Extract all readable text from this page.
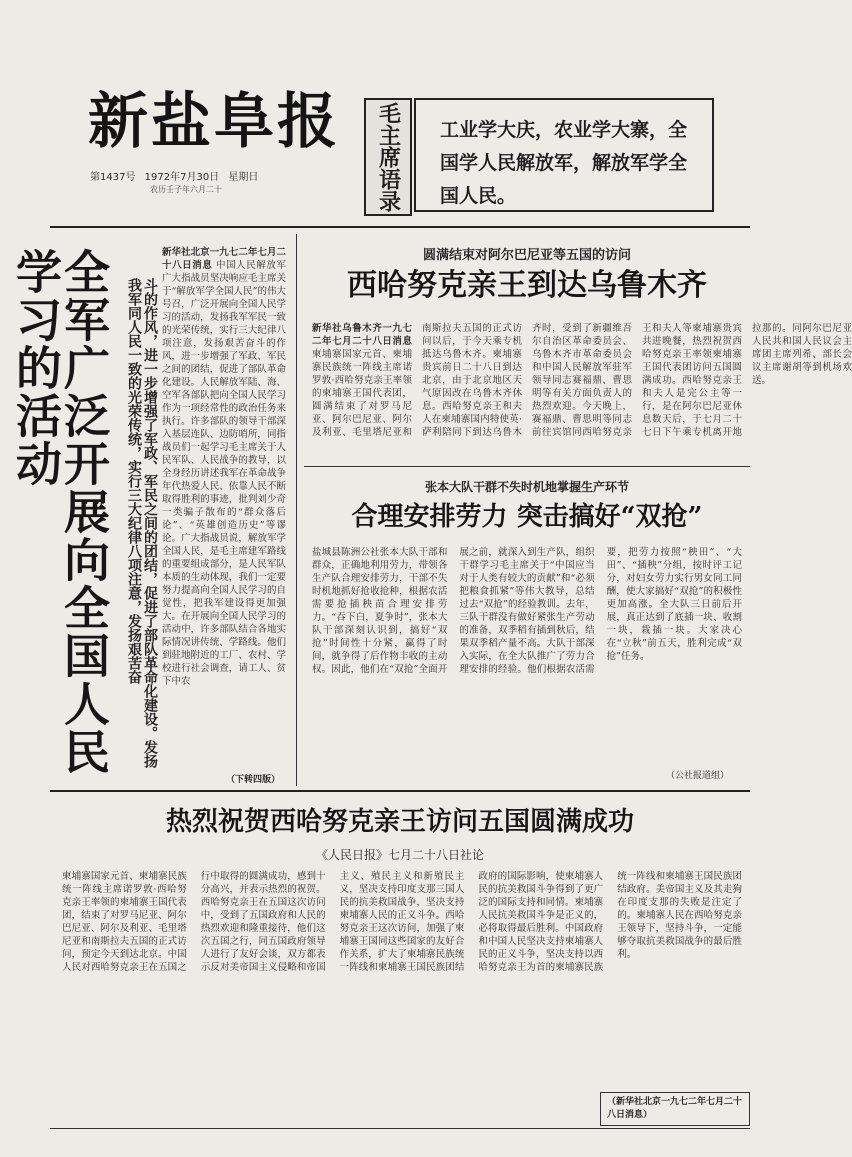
新盐阜报
第1437号 1972年7月30日 星期日
农历壬子年六月二十	毛主席语录	工业学大庆，农业学大寨，全国学人民解放军，解放军学全国人民。
全军广泛开展向全国人民学习的活动	斗的作风，进一步增强了军政、军民之间的团结，促进了部队革命化建设。发扬我军同人民一致的光荣传统，实行三大纪律八项注意，发扬艰苦奋
新华社北京一九七二年七月二十八日消息 中国人民解放军广大指战员坚决响应毛主席关于“解放军学全国人民”的伟大号召，广泛开展向全国人民学习的活动，发扬我军军民一致的光荣传统，实行三大纪律八项注意，发扬艰苦奋斗的作风，进一步增强了军政、军民之间的团结，促进了部队革命化建设。人民解放军陆、海、空军各部队把向全国人民学习作为一项经常性的政治任务来执行。许多部队的领导干部深入基层连队、边防哨所，同指战员们一起学习毛主席关于人民军队、人民战争的教导，以全身经历讲述我军在革命战争年代热爱人民、依靠人民不断取得胜利的事迹，批判刘少奇一类骗子散布的“群众落后论”、“英雄创造历史”等谬论。广大指战员说，解放军学全国人民，是毛主席建军路线的重要组成部分，是人民军队本质的生动体现，我们一定要努力提高向全国人民学习的自觉性，把我军建设得更加强大。在开展向全国人民学习的活动中，许多部队结合各地实际情况讲传统、学路线。他们到驻地附近的工厂、农村、学校进行社会调查，请工人、贫下中农
（下转四版）
圆满结束对阿尔巴尼亚等五国的访问
西哈努克亲王到达乌鲁木齐
新华社乌鲁木齐一九七二年七月二十八日消息 柬埔寨国家元首、柬埔寨民族统一阵线主席诺罗敦·西哈努克亲王率领的柬埔寨王国代表团，圆满结束了对罗马尼亚、阿尔巴尼亚、阿尔及利亚、毛里塔尼亚和南斯拉夫五国的正式访问以后，于今天乘专机抵达乌鲁木齐。柬埔寨贵宾前日二十八日到达北京，由于北京地区天气原因改在乌鲁木齐休息。西哈努克亲王和夫人在柬埔寨国内特使英·萨利陪同下到达乌鲁木齐时，受到了新疆维吾尔自治区革命委员会、乌鲁木齐市革命委员会和中国人民解放军驻军领导同志赛福鼎、曹思明等有关方面负责人的热烈欢迎。今天晚上，赛福鼎、曹思明等同志前往宾馆同西哈努克亲王和夫人等柬埔寨贵宾共进晚餐，热烈祝贺西哈努克亲王率领柬埔寨王国代表团访问五国圆满成功。西哈努克亲王和夫人是完公主等一行，是在阿尔巴尼亚休息数天后，于七月二十七日下午乘专机离开地拉那的。同阿尔巴尼亚人民共和国人民议会主席团主席列希、部长会议主席谢胡等到机场欢送。
张本大队干群不失时机地掌握生产环节
合理安排劳力 突击搞好“双抢”
盐城县陈洲公社张本大队干部和群众，正确地利用劳力，带领各生产队合理安排劳力，干部不失时机地抓好抢收抢种，根据农活需要抢插秧苗合理安排劳力。“吞下白，夏争时”，张本大队干部深刻认识到，搞好“双抢”时间性十分紧，赢得了时间，就争得了后作物丰收的主动权。因此，他们在“双抢”全面开展之前，就深入到生产队，组织干群学习毛主席关于“中国应当对于人类有较大的贡献”和“必须把粮食抓紧”等伟大教导，总结过去“双抢”的经验教训。去年，三队干群没有做好紧张生产劳动的准备，双季稻有插到秋后，结果双季稻产量不高。大队干部深入实际，在全大队推广了劳力合理安排的经验。他们根据农活需要，把劳力按照“秧田”、“大田”、“插秧”分组，按时评工记分，对妇女劳力实行男女同工同酬，使大家搞好“双抢”的积极性更加高涨。全大队三日前后开展，真正达到了底插一块、收割一块，栽插一块。大家决心在“立秋”前五天，胜利完成“双抢”任务。
（公社报道组）
热烈祝贺西哈努克亲王访问五国圆满成功
《人民日报》七月二十八日社论
柬埔寨国家元首、柬埔寨民族统一阵线主席诺罗敦·西哈努克亲王率领的柬埔寨王国代表团，结束了对罗马尼亚、阿尔巴尼亚、阿尔及利亚、毛里塔尼亚和南斯拉夫五国的正式访问，预定今天到达北京。中国人民对西哈努克亲王在五国之行中取得的圆满成功，感到十分高兴，并表示热烈的祝贺。西哈努克亲王在五国这次访问中，受到了五国政府和人民的热烈欢迎和隆重接待，他们这次五国之行，同五国政府领导人进行了友好会谈，双方都表示反对美帝国主义侵略和帝国主义、殖民主义和新殖民主义，坚决支持印度支那三国人民的抗美救国战争，坚决支持柬埔寨人民的正义斗争。西哈努克亲王这次访问，加强了柬埔寨王国同这些国家的友好合作关系，扩大了柬埔寨民族统一阵线和柬埔寨王国民族团结政府的国际影响，使柬埔寨人民的抗美救国斗争得到了更广泛的国际支持和同情。柬埔寨人民抗美救国斗争是正义的，必将取得最后胜利。中国政府和中国人民坚决支持柬埔寨人民的正义斗争，坚决支持以西哈努克亲王为首的柬埔寨民族统一阵线和柬埔寨王国民族团结政府。美帝国主义及其走狗在印度支那的失败是注定了的。柬埔寨人民在西哈努克亲王领导下，坚持斗争，一定能够夺取抗美救国战争的最后胜利。
（新华社北京一九七二年七月二十八日消息）
